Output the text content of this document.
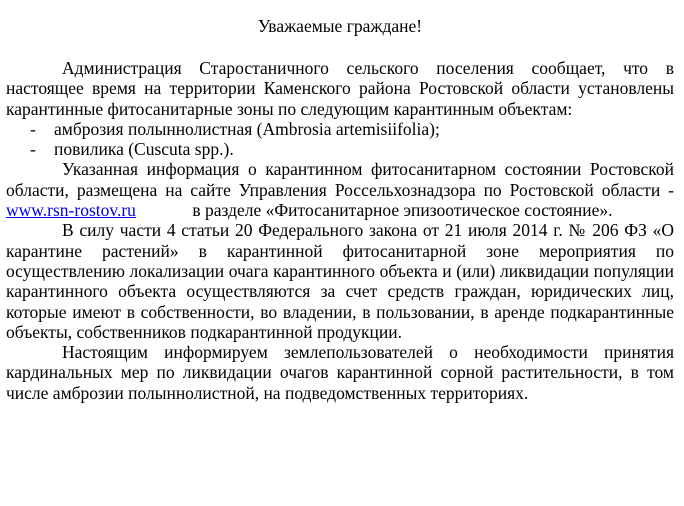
Уважаемые граждане!

Администрация Старостаничного сельского поселения сообщает, что в настоящее время на территории Каменского района Ростовской области установлены карантинные фитосанитарные зоны по следующим карантинным объектам:

- амброзия полыннолистная (Ambrosia artemisiifolia);
- повилика (Cuscuta spp.).

Указанная информация о карантинном фитосанитарном состоянии Ростовской области, размещена на сайте Управления Россельхознадзора по Ростовской области - www.rsn-rostov.ru	в разделе «Фитосанитарное эпизоотическое состояние».

В силу части 4 статьи 20 Федерального закона от 21 июля 2014 г. № 206 ФЗ «О карантине растений» в карантинной фитосанитарной зоне мероприятия по осуществлению локализации очага карантинного объекта и (или) ликвидации популяции карантинного объекта осуществляются за счет средств граждан, юридических лиц, которые имеют в собственности, во владении, в пользовании, в аренде подкарантинные объекты, собственников подкарантинной продукции.

Настоящим информируем землепользователей о необходимости принятия кардинальных мер по ликвидации очагов карантинной сорной растительности, в том числе амброзии полыннолистной, на подведомственных территориях.
